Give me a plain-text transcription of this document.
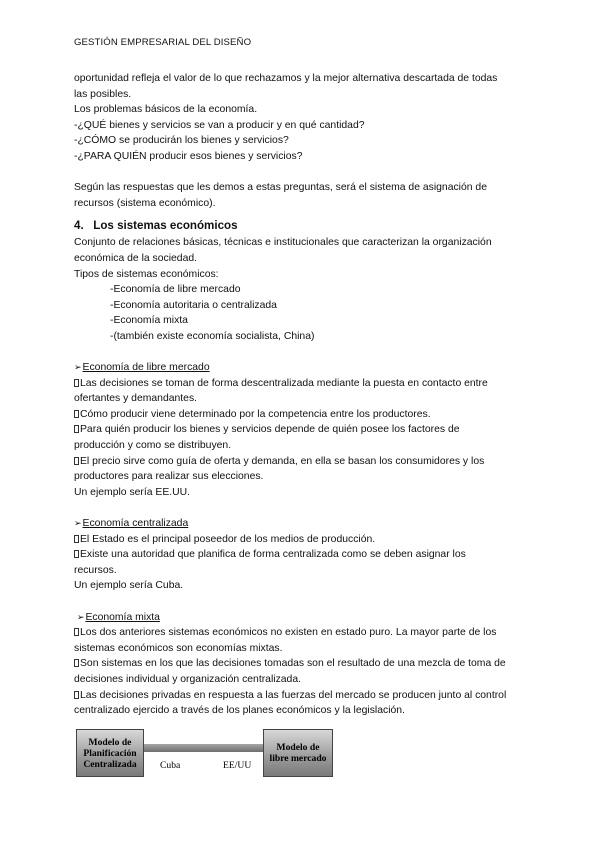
GESTIÓN EMPRESARIAL DEL DISEÑO

oportunidad refleja el valor de lo que rechazamos y la mejor alternativa descartada de todas

las posibles.

Los problemas básicos de la economía.

-¿QUÉ bienes y servicios se van a producir y en qué cantidad?

-¿CÓMO se producirán los bienes y servicios?

-¿PARA QUIÉN producir esos bienes y servicios?

Según las respuestas que les demos a estas preguntas, será el sistema de asignación de

recursos (sistema económico).

4. Los sistemas económicos

Conjunto de relaciones básicas, técnicas e institucionales que caracterizan la organización

económica de la sociedad.

Tipos de sistemas económicos:

-Economía de libre mercado

-Economía autoritaria o centralizada

-Economía mixta

-(también existe economía socialista, China)

➢Economía de libre mercado

Las decisiones se toman de forma descentralizada mediante la puesta en contacto entre

ofertantes y demandantes.

Cómo producir viene determinado por la competencia entre los productores.

Para quién producir los bienes y servicios depende de quién posee los factores de

producción y como se distribuyen.

El precio sirve como guía de oferta y demanda, en ella se basan los consumidores y los

productores para realizar sus elecciones.

Un ejemplo sería EE.UU.

➢Economía centralizada

El Estado es el principal poseedor de los medios de producción.

Existe una autoridad que planifica de forma centralizada como se deben asignar los

recursos.

Un ejemplo sería Cuba.

➢Economía mixta

Los dos anteriores sistemas económicos no existen en estado puro. La mayor parte de los

sistemas económicos son economías mixtas.

Son sistemas en los que las decisiones tomadas son el resultado de una mezcla de toma de

decisiones individual y organización centralizada.

Las decisiones privadas en respuesta a las fuerzas del mercado se producen junto al control

centralizado ejercido a través de los planes económicos y la legislación.

Modelo de
Planificación
Centralizada
Modelo de
libre mercado
Cuba	EE/UU
